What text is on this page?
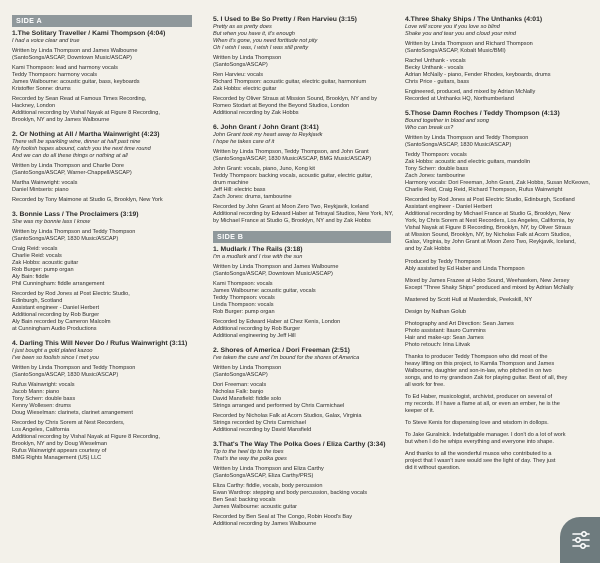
SIDE A
1.The Solitary Traveller / Kami Thompson (4:04)
I had a voice clear and true
Written by Linda Thompson and James Walbourne
(SantoSongs/ASCAP, Downtown Music/ASCAP)
Kami Thompson: lead and harmony vocals
Teddy Thompson: harmony vocals
James Walbourne: acoustic guitar, bass, keyboards
Kristoffer Sonne: drums
Recorded by Sean Read at Famous Times Recording,
Hackney, London
Additional recording by Vishal Nayak at Figure 8 Recording,
Brooklyn, NY and by James Walbourne
2. Or Nothing at All / Martha Wainwright (4:23)
There will be sparkling wine, dinner at half past nine
My foolish hopes abound, catch you the next time round
And we can do all these things or nothing at all
Written by Linda Thompson and Charlie Dore
(SantoSongs/ASCAP, Warner-Chappell/ASCAP)
Martha Wainwright: vocals
Daniel Mintseris: piano
Recorded by Tony Maimone at Studio G, Brooklyn, New York
3. Bonnie Lass / The Proclaimers (3:19)
She was my bonnie lass I know
Written by Linda Thompson and Teddy Thompson
(SantoSongs/ASCAP, 1830 Music/ASCAP)
Craig Reid: vocals
Charlie Reid: vocals
Zak Hobbs: acoustic guitar
Rob Burger: pump organ
Aly Bain: fiddle
Phil Cunningham: fiddle arrangement
Recorded by Rod Jones at Post Electric Studio,
Edinburgh, Scotland
Assistant engineer - Daniel Herbert
Additional recording by Rob Burger
Aly Bain recorded by Cameron Malcolm
at Cunningham Audio Productions
4. Darling This Will Never Do / Rufus Wainwright (3:11)
I just bought a gold plated kazoo
I've been so foolish since I met you
Written by Linda Thompson and Teddy Thompson
(SantoSongs/ASCAP, 1830 Music/ASCAP)
Rufus Wainwright: vocals
Jacob Mann: piano
Tony Scherr: double bass
Kenny Wollesen: drums
Doug Wieselman: clarinets, clarinet arrangement
Recorded by Chris Sorem at Nest Recorders,
Los Angeles, California
Additional recording by Vishal Nayak at Figure 8 Recording,
Brooklyn, NY and by Doug Wieselman
Rufus Wainwright appears courtesy of
BMG Rights Management (US) LLC
5. I Used to Be So Pretty / Ren Harvieu (3:15)
Pretty as as pretty does
But when you have it, it's enough
When it's gone, you need fortitude not pity
Oh I wish I was, I wish I was still pretty
Written by Linda Thompson
(SantoSongs/ASCAP)
Ren Harvieu: vocals
Richard Thompson: acoustic guitar, electric guitar, harmonium
Zak Hobbs: electric guitar
Recorded by Oliver Straus at Mission Sound, Brooklyn, NY and by
Romeo Stodart at Beyond the Beyond Studios, London
Additional recording by Zak Hobbs
6. John Grant / John Grant (3:41)
John Grant took my heart away to Reykjavik
I hope he takes care of it
Written by Linda Thompson, Teddy Thompson, and John Grant
(SantoSongs/ASCAP, 1830 Music/ASCAP, BMG Music/ASCAP)
John Grant: vocals, piano, Juno, Kong kit
Teddy Thompson: backing vocals, acoustic guitar, electric guitar,
drum machine
Jeff Hill: electric bass
Zach Jones: drums, tambourine
Recorded by John Grant at Moon Zero Two, Reykjavik, Iceland
Additional recording by Edward Haber at Tetrayal Studios, New York, NY,
by Michael France at Studio G, Brooklyn, NY and by Zak Hobbs
SIDE B
1. Mudlark / The Rails (3:18)
I'm a mudlark and I rise with the sun
Written by Linda Thompson and James Walbourne
(SantoSongs/ASCAP, Downtown Music/ASCAP)
Kami Thompson: vocals
James Walbourne: acoustic guitar, vocals
Teddy Thompson: vocals
Linda Thompson: vocals
Rob Burger: pump organ
Recorded by Edward Haber at Chez Kenis, London
Additional recording by Rob Burger
Additional engineering by Jeff Hill
2. Shores of America / Dori Freeman (2:51)
I've taken the cure and I'm bound for the shores of America
Written by Linda Thompson
(SantoSongs/ASCAP)
Dori Freeman: vocals
Nicholas Falk: banjo
David Mansfield: fiddle solo
Strings arranged and performed by Chris Carmichael
Recorded by Nicholas Falk at Acorn Studios, Galax, Virginia
Strings recorded by Chris Carmichael
Additional recording by David Mansfield
3.That's The Way The Polka Goes / Eliza Carthy (3:34)
Tip to the heel tip to the toes
That's the way the polka goes
Written by Linda Thompson and Eliza Carthy
(SantoSongs/ASCAP, Eliza Carthy/PRS)
Eliza Carthy: fiddle, vocals, body percussion
Ewan Wardrop: stepping and body percussion, backing vocals
Ben Seal: backing vocals
James Walbourne: acoustic guitar
Recorded by Ben Seal at The Congo, Robin Hood's Bay
Additional recording by James Walbourne
4.Three Shaky Ships / The Unthanks (4:01)
Love will score you if you love so blind
Shake you and tear you and cloud your mind
Written by Linda Thompson and Richard Thompson
(SantoSongs/ASCAP, Kobalt Music/BMI)
Rachel Unthank - vocals
Becky Unthank - vocals
Adrian McNally - piano, Fender Rhodes, keyboards, drums
Chris Price - guitars, bass
Engineered, produced, and mixed by Adrian McNally
Recorded at Unthanks HQ, Northumberland
5.Those Damn Roches / Teddy Thompson (4:13)
Bound together in blood and song
Who can break us?
Written by Linda Thompson and Teddy Thompson
(SantoSongs/ASCAP, 1830 Music/ASCAP)
Teddy Thompson: vocals
Zak Hobbs: acoustic and electric guitars, mandolin
Tony Scherr: double bass
Zach Jones: tambourine
Harmony vocals: Dori Freeman, John Grant, Zak Hobbs, Susan McKeown,
Charlie Reid, Craig Reid, Richard Thompson, Rufus Wainwright
Recorded by Rod Jones at Post Electric Studio, Edinburgh, Scotland
Assistant engineer - Daniel Herbert
Additional recording by Michael France at Studio G, Brooklyn, New
York, by Chris Sorem at Nest Recorders, Los Angeles, California, by
Vishal Nayak at Figure 8 Recording, Brooklyn, NY, by Oliver Straus
at Mission Sound, Brooklyn, NY, by Nicholas Falk at Acorn Studios,
Galax, Virginia, by John Grant at Moon Zero Two, Reykjavik, Iceland,
and by Zak Hobbs
Produced by Teddy Thompson
Ably assisted by Ed Haber and Linda Thompson
Mixed by James Frazee at Hobo Sound, Weehawken, New Jersey
Except "Three Shaky Ships" produced and mixed by Adrian McNally
Mastered by Scott Hull at Masterdisk, Peekskill, NY
Design by Nathan Golub
Photography and Art Direction: Sean James
Photo assistant: Itauro Cummins
Hair and make-up: Sean James
Photo retouch: Irina Litvak
Thanks to producer Teddy Thompson who did most of the
heavy lifting on this project, to Kamila Thompson and James
Walbourne, daughter and son-in-law, who pitched in on two
songs, and to my grandson Zak for playing guitar. Best of all, they
all work for free.
To Ed Haber, musicologist, archivist, producer on several of
my records. If I have a flame at all, or even an ember, he is the
keeper of it.
To Steve Kenis for dispensing love and wisdom in dollops.
To Jake Guralnick. Indefatigable manager. I don't do a lot of work
but when I do he whips everything and everyone into shape.
And thanks to all the wonderful musos who contributed to a
project that I wasn't sure would see the light of day. They just
did it without question.
